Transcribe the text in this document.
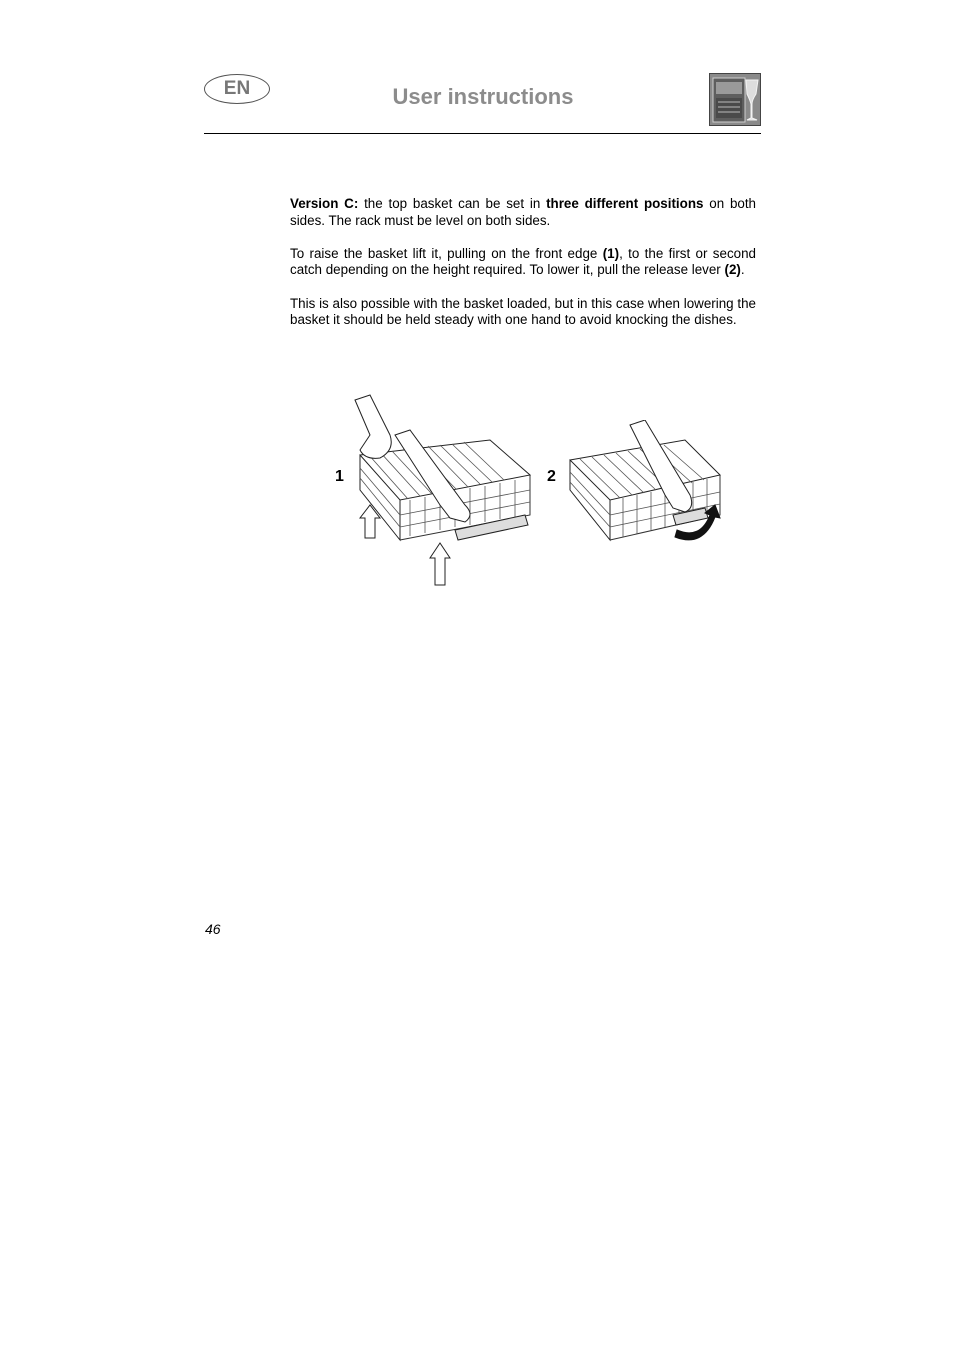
EN	User instructions

Version C: the top basket can be set in three different positions on both sides. The rack must be level on both sides.

To raise the basket lift it, pulling on the front edge (1), to the first or second catch depending on the height required. To lower it, pull the release lever (2).

This is also possible with the basket loaded, but in this case when lowering the basket it should be held steady with one hand to avoid knocking the dishes.

1	2
46
